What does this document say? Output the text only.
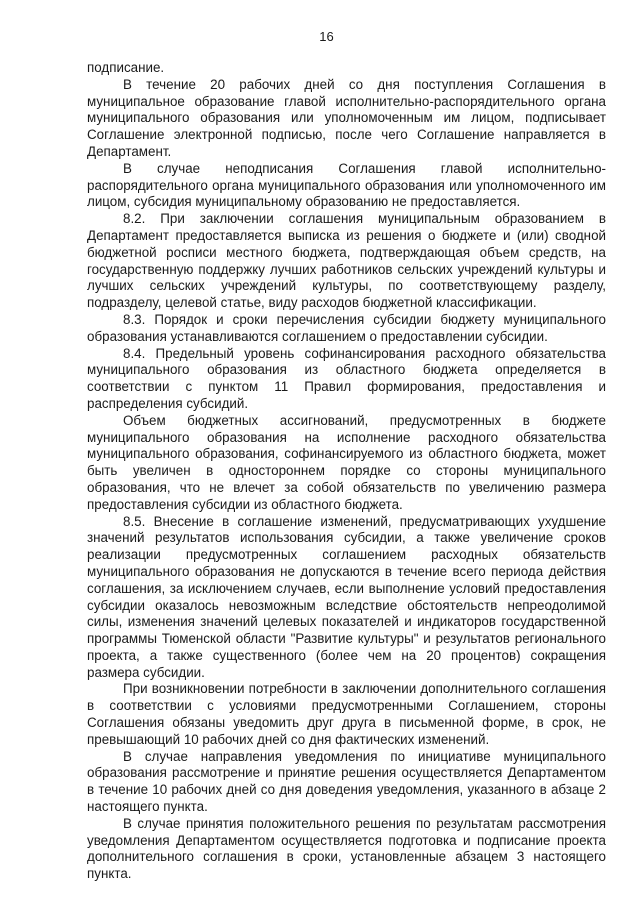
16

подписание.

В течение 20 рабочих дней со дня поступления Соглашения в муниципальное образование главой исполнительно-распорядительного органа муниципального образования или уполномоченным им лицом, подписывает Соглашение электронной подписью, после чего Соглашение направляется в Департамент.

В случае неподписания Соглашения главой исполнительно-распорядительного органа муниципального образования или уполномоченного им лицом, субсидия муниципальному образованию не предоставляется.

8.2. При заключении соглашения муниципальным образованием в Департамент предоставляется выписка из решения о бюджете и (или) сводной бюджетной росписи местного бюджета, подтверждающая объем средств, на государственную поддержку лучших работников сельских учреждений культуры и лучших сельских учреждений культуры, по соответствующему разделу, подразделу, целевой статье, виду расходов бюджетной классификации.

8.3. Порядок и сроки перечисления субсидии бюджету муниципального образования устанавливаются соглашением о предоставлении субсидии.

8.4. Предельный уровень софинансирования расходного обязательства муниципального образования из областного бюджета определяется в соответствии с пунктом 11 Правил формирования, предоставления и распределения субсидий.

Объем бюджетных ассигнований, предусмотренных в бюджете муниципального образования на исполнение расходного обязательства муниципального образования, софинансируемого из областного бюджета, может быть увеличен в одностороннем порядке со стороны муниципального образования, что не влечет за собой обязательств по увеличению размера предоставления субсидии из областного бюджета.

8.5. Внесение в соглашение изменений, предусматривающих ухудшение значений результатов использования субсидии, а также увеличение сроков реализации предусмотренных соглашением расходных обязательств муниципального образования не допускаются в течение всего периода действия соглашения, за исключением случаев, если выполнение условий предоставления субсидии оказалось невозможным вследствие обстоятельств непреодолимой силы, изменения значений целевых показателей и индикаторов государственной программы Тюменской области "Развитие культуры" и результатов регионального проекта, а также существенного (более чем на 20 процентов) сокращения размера субсидии.

При возникновении потребности в заключении дополнительного соглашения в соответствии с условиями предусмотренными Соглашением, стороны Соглашения обязаны уведомить друг друга в письменной форме, в срок, не превышающий 10 рабочих дней со дня фактических изменений.

В случае направления уведомления по инициативе муниципального образования рассмотрение и принятие решения осуществляется Департаментом в течение 10 рабочих дней со дня доведения уведомления, указанного в абзаце 2 настоящего пункта.

В случае принятия положительного решения по результатам рассмотрения уведомления Департаментом осуществляется подготовка и подписание проекта дополнительного соглашения в сроки, установленные абзацем 3 настоящего пункта.
